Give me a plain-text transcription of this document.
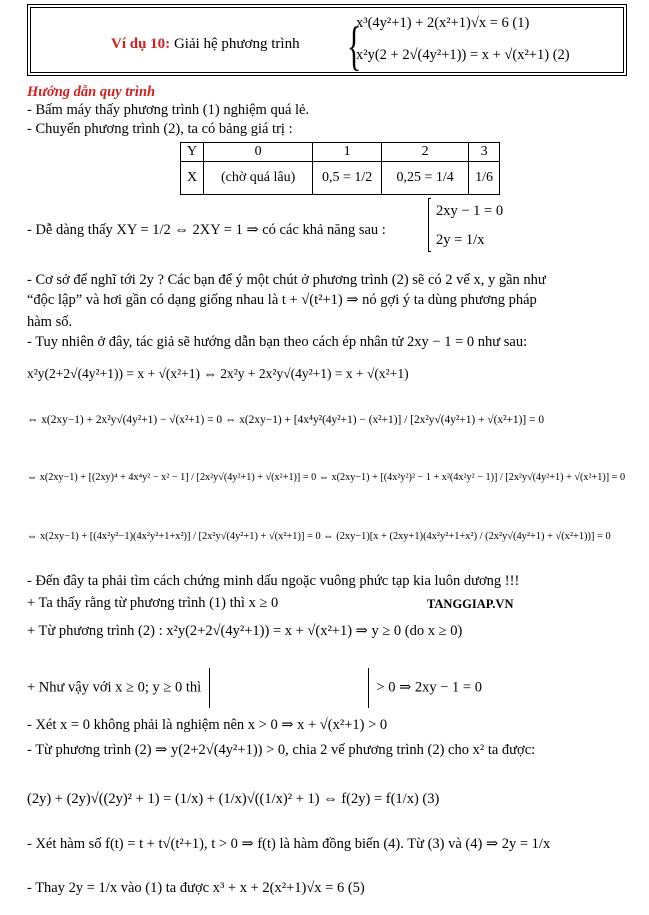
Ví dụ 10: Giải hệ phương trình {
x³(4y²+1) + 2(x²+1)√x = 6 (1)
x²y(2 + 2√(4y²+1)) = x + √(x²+1) (2)
Hướng dẫn quy trình
- Bấm máy thấy phương trình (1) nghiệm quá lẻ.
- Chuyển phương trình (2), ta có bảng giá trị :
Y	0	1	2	3
X	(chờ quá lâu)	0,5 = 1/2	0,25 = 1/4	1/6
- Dễ dàng thấy XY = 1/2 ⇔ 2XY = 1 ⇒ có các khả năng sau :
2xy − 1 = 0
2y = 1/x
- Cơ sở để nghĩ tới 2y ? Các bạn để ý một chút ở phương trình (2) sẽ có 2 vế x, y gần như
“độc lập” và hơi gần có dạng giống nhau là t + √(t²+1) ⇒ nó gợi ý ta dùng phương pháp
hàm số.
- Tuy nhiên ở đây, tác giả sẽ hướng dẫn bạn theo cách ép nhân tử 2xy − 1 = 0 như sau:
x²y(2+2√(4y²+1)) = x + √(x²+1) ⇔ 2x²y + 2x²y√(4y²+1) = x + √(x²+1)
⇔ x(2xy−1) + 2x²y√(4y²+1) − √(x²+1) = 0 ⇔ x(2xy−1) + [4x⁴y²(4y²+1) − (x²+1)] / [2x²y√(4y²+1) + √(x²+1)] = 0
⇔ x(2xy−1) + [(2xy)⁴ + 4x⁴y² − x² − 1] / [2x²y√(4y²+1) + √(x²+1)] = 0 ⇔ x(2xy−1) + [(4x²y²)² − 1 + x²(4x²y² − 1)] / [2x²y√(4y²+1) + √(x²+1)] = 0
⇔ x(2xy−1) + [(4x²y²−1)(4x²y²+1+x²)] / [2x²y√(4y²+1) + √(x²+1)] = 0 ⇔ (2xy−1)[x + (2xy+1)(4x²y²+1+x²) / (2x²y√(4y²+1) + √(x²+1))] = 0
- Đến đây ta phải tìm cách chứng minh dấu ngoặc vuông phức tạp kia luôn dương !!!
+ Ta thấy rằng từ phương trình (1) thì x ≥ 0	TANGGIAP.VN
+ Từ phương trình (2) : x²y(2+2√(4y²+1)) = x + √(x²+1) ⇒ y ≥ 0 (do x ≥ 0)
+ Như vậy với x ≥ 0; y ≥ 0 thì	> 0 ⇒ 2xy − 1 = 0
- Xét x = 0 không phải là nghiệm nên x > 0 ⇒ x + √(x²+1) > 0
- Từ phương trình (2) ⇒ y(2+2√(4y²+1)) > 0, chia 2 vế phương trình (2) cho x² ta được:
(2y) + (2y)√((2y)² + 1) = (1/x) + (1/x)√((1/x)² + 1) ⇔ f(2y) = f(1/x) (3)
- Xét hàm số f(t) = t + t√(t²+1), t > 0 ⇒ f(t) là hàm đồng biến (4). Từ (3) và (4) ⇒ 2y = 1/x
- Thay 2y = 1/x vào (1) ta được x³ + x + 2(x²+1)√x = 6 (5)
